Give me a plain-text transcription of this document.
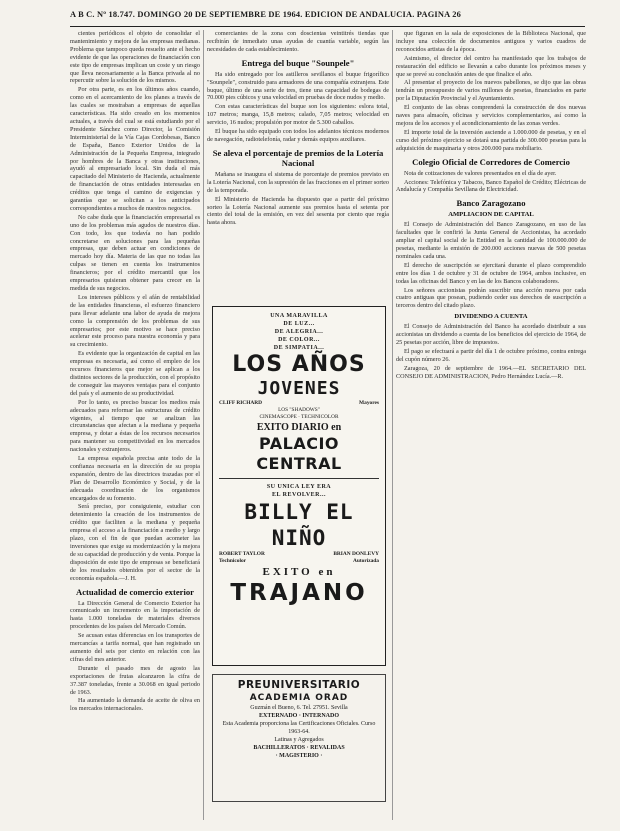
A B C. Nº 18.747. DOMINGO 20 DE SEPTIEMBRE DE 1964. EDICION DE ANDALUCIA. PAGINA 26

cientes periódicos el objeto de consolidar el mantenimiento y mejora de las empresas medianas. Problema que tampoco queda resuelto ante el hecho evidente de que las operaciones de financiación con este tipo de empresas implican un coste y un riesgo que lleva necesariamente a la Banca privada al no repercutir sobre la solución de los mismos.

Por otra parte, es en los últimos años cuando, como en el acercamiento de los planes a través de las cuales se mostraban a empresas de aquellas características. Ha sido creado en los momentos actuales, a través del cual se está estudiando por el Presidente Sánchez como Director, la Comisión Interministerial de la Vía Cajas Cordobesas, Banco de España, Banco Exterior Unidos de la Administración de la Pequeña Empresa, integrado por hombres de la Banca y otras instituciones, ayudó al empresariado local. Sin duda el más capacitado del Ministerio de Hacienda, actualmente de financiación de otras entidades interesadas en créditos que tenga el camino de exigencias y garantías que se solicitan a los anticipados correspondientes a muchos de nuestros negocios.

No cabe duda que la financiación empresarial es uno de los problemas más agudos de nuestros días. Con todo, los que todavía no han podido concretarse en soluciones para las pequeñas empresas, que deben actuar en condiciones de mercado hoy día. Materia de las que no todas las culpas se tienen en cuenta los instrumentos financieros; por el crédito mercantil que los empresarios quisieran obtener para crecer en la medida de sus negocios.

Los intereses públicos y el afán de rentabilidad de las entidades financieras, el esfuerzo financiero para llevar adelante una labor de ayuda de mejora como la comprensión de los problemas de sus empresarios; por este motivo se hace preciso acelerar este proceso para nuestra economía y para su crecimiento.

Es evidente que la organización de capital en las empresas es necesaria, así como el empleo de los recursos financieros que mejor se aplican a los distintos sectores de la producción, con el propósito de conseguir las mayores ventajas para el conjunto del país y el aumento de su productividad.

Por lo tanto, es preciso buscar los medios más adecuados para reformar las estructuras de crédito vigentes, al tiempo que se analizan las circunstancias que afectan a la mediana y pequeña empresa, y dotar a éstas de los recursos necesarios para mantener su competitividad en los mercados nacionales y extranjeros.

La empresa española precisa ante todo de la confianza necesaria en la dirección de su propia expansión, dentro de las directrices trazadas por el Plan de Desarrollo Económico y Social, y de la adecuada coordinación de los organismos encargados de su fomento.

Será preciso, por consiguiente, estudiar con detenimiento la creación de los instrumentos de crédito que faciliten a la mediana y pequeña empresa el acceso a la financiación a medio y largo plazo, con el fin de que puedan acometer las inversiones que exige su modernización y la mejora de su capacidad de producción y de venta. Porque la disposición de este tipo de empresas se beneficiará de los resultados obtenidos por el sector de la economía española.—J. H.

Actualidad de comercio exterior

La Dirección General de Comercio Exterior ha comunicado un incremento en la importación de hasta 1.000 toneladas de materiales diversos procedentes de los países del Mercado Común.

Se acusan estas diferencias en los transportes de mercancías a tarifa normal, que han registrado un aumento del seis por ciento en relación con las cifras del mes anterior.

Durante el pasado mes de agosto las exportaciones de frutas alcanzaron la cifra de 37.387 toneladas, frente a 30.068 en igual periodo de 1963.

Ha aumentado la demanda de aceite de oliva en los mercados internacionales.

comerciantes de la zona con doscientas veintitrés tiendas que recibirán de inmediato unas ayudas de cuantía variable, según las necesidades de cada establecimiento.

Entrega del buque "Sounpele"

Ha sido entregado por los astilleros sevillanos el buque frigorífico "Sounpele", construido para armadores de una compañía extranjera. Este buque, último de una serie de tres, tiene una capacidad de bodegas de 70.000 pies cúbicos y una velocidad en pruebas de doce nudos y medio.

Con estas características del buque son los siguientes: eslora total, 107 metros; manga, 15,8 metros; calado, 7,05 metros; velocidad en servicio, 16 nudos; propulsión por motor de 5.300 caballos.

El buque ha sido equipado con todos los adelantos técnicos modernos de navegación, radiotelefonía, radar y demás equipos auxiliares.

Se aleva el porcentaje de premios de la Lotería Nacional

Mañana se inaugura el sistema de porcentaje de premios previsto en la Lotería Nacional, con la supresión de las fracciones en el primer sorteo de la temporada.

El Ministerio de Hacienda ha dispuesto que a partir del próximo sorteo la Lotería Nacional aumente sus premios hasta el setenta por ciento del total de la emisión, en vez del sesenta por ciento que regía hasta ahora.

UNA MARAVILLA
DE LUZ...
DE ALEGRIA...
DE COLOR...
DE SIMPATIA...
LOS AÑOS
JOVENES
CLIFF RICHARD	Mayores
LOS "SHADOWS"
CINEMASCOPE · TECHNICOLOR
EXITO DIARIO en
PALACIO CENTRAL
SU UNICA LEY ERA
EL REVOLVER...
BILLY EL NIÑO
ROBERT TAYLOR	BRIAN DONLEVY
Technicolor	Autorizada
EXITO en
TRAJANO
PREUNIVERSITARIO
ACADEMIA ORAD
Guzmán el Bueno, 6. Tel. 27951. Sevilla
EXTERNADO · INTERNADO
Esta Academia proporciona las Certificaciones Oficiales. Curso 1963-64.
Latinas y Agregados
BACHILLERATOS · REVALIDAS
· MAGISTERIO ·

que figuran en la sala de exposiciones de la Biblioteca Nacional, que incluye una colección de documentos antiguos y varios cuadros de reconocidos artistas de la época.

Asimismo, el director del centro ha manifestado que los trabajos de restauración del edificio se llevarán a cabo durante los próximos meses y que se prevé su conclusión antes de que finalice el año.

Al presentar el proyecto de los nuevos pabellones, se dijo que las obras tendrán un presupuesto de varios millones de pesetas, financiados en parte por la Diputación Provincial y el Ayuntamiento.

El conjunto de las obras comprenderá la construcción de dos nuevas naves para almacén, oficinas y servicios complementarios, así como la mejora de los accesos y el acondicionamiento de las zonas verdes.

El importe total de la inversión asciende a 1.000.000 de pesetas, y en el curso del próximo ejercicio se dotará una partida de 300.000 pesetas para la adquisición de maquinaria y otros 200.000 para mobiliario.

Colegio Oficial de Corredores de Comercio

Nota de cotizaciones de valores presentados en el día de ayer.

Acciones: Telefónica y Tabacos, Banco Español de Crédito; Eléctricas de Andalucía y Compañía Sevillana de Electricidad.

Banco Zaragozano
AMPLIACION DE CAPITAL

El Consejo de Administración del Banco Zaragozano, en uso de las facultades que le confirió la Junta General de Accionistas, ha acordado ampliar el capital social de la Entidad en la cantidad de 100.000.000 de pesetas, mediante la emisión de 200.000 acciones nuevas de 500 pesetas nominales cada una.

El derecho de suscripción se ejercitará durante el plazo comprendido entre los días 1 de octubre y 31 de octubre de 1964, ambos inclusive, en todas las oficinas del Banco y en las de los Bancos colaboradores.

Los señores accionistas podrán suscribir una acción nueva por cada cuatro antiguas que posean, pudiendo ceder sus derechos de suscripción a terceros dentro del citado plazo.

DIVIDENDO A CUENTA

El Consejo de Administración del Banco ha acordado distribuir a sus accionistas un dividendo a cuenta de los beneficios del ejercicio de 1964, de 25 pesetas por acción, libre de impuestos.

El pago se efectuará a partir del día 1 de octubre próximo, contra entrega del cupón número 26.

Zaragoza, 20 de septiembre de 1964.—EL SECRETARIO DEL CONSEJO DE ADMINISTRACION, Pedro Hernández Lucía.—R.
